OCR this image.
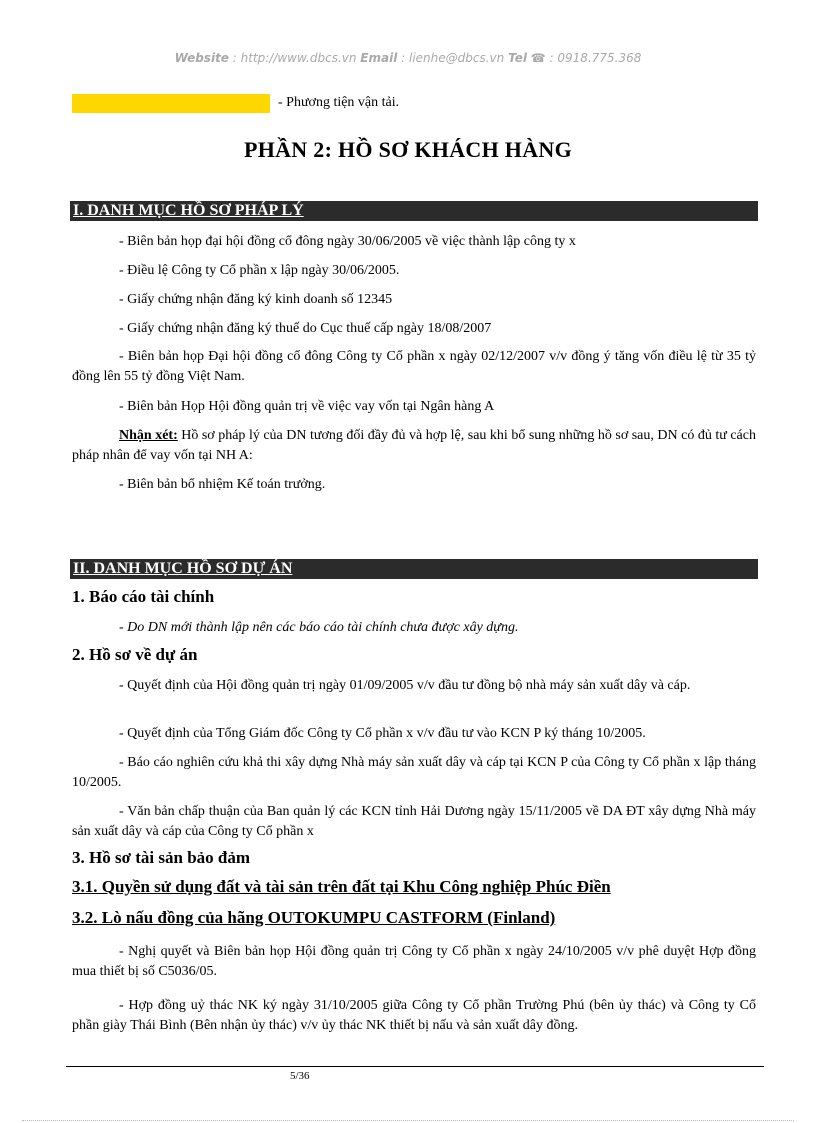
Website : http://www.dbcs.vn Email : lienhe@dbcs.vn Tel ☎ : 0918.775.368
- Phương tiện vận tải.
PHẦN 2: HỒ SƠ KHÁCH HÀNG
I. DANH MỤC HỒ SƠ PHÁP LÝ

- Biên bản họp đại hội đồng cổ đông ngày 30/06/2005 về việc thành lập công ty x

- Điều lệ Công ty Cổ phần x lập ngày 30/06/2005.

- Giấy chứng nhận đăng ký kinh doanh số 12345

- Giấy chứng nhận đăng ký thuế do Cục thuế cấp ngày 18/08/2007

- Biên bản họp Đại hội đồng cổ đông Công ty Cổ phần x ngày 02/12/2007 v/v đồng ý tăng vốn điều lệ từ 35 tỷ đồng lên 55 tỷ đồng Việt Nam.

- Biên bản Họp Hội đồng quản trị về việc vay vốn tại Ngân hàng A

Nhận xét: Hồ sơ pháp lý của DN tương đối đầy đủ và hợp lệ, sau khi bổ sung những hồ sơ sau, DN có đủ tư cách pháp nhân để vay vốn tại NH A:

- Biên bản bổ nhiệm Kế toán trưởng.

II. DANH MỤC HỒ SƠ DỰ ÁN
1. Báo cáo tài chính

- Do DN mới thành lập nên các báo cáo tài chính chưa được xây dựng.

2. Hồ sơ về dự án

- Quyết định của Hội đồng quản trị ngày 01/09/2005 v/v đầu tư đồng bộ nhà máy sản xuất dây và cáp.

- Quyết định của Tổng Giám đốc Công ty Cổ phần x v/v đầu tư vào KCN P ký tháng 10/2005.

- Báo cáo nghiên cứu khả thi xây dựng Nhà máy sản xuất dây và cáp tại KCN P của Công ty Cổ phần x lập tháng 10/2005.

- Văn bản chấp thuận của Ban quản lý các KCN tỉnh Hải Dương ngày 15/11/2005 về DA ĐT xây dựng Nhà máy sản xuất dây và cáp của Công ty Cổ phần x

3. Hồ sơ tài sản bảo đảm
3.1. Quyền sử dụng đất và tài sản trên đất tại Khu Công nghiệp Phúc Điền
3.2. Lò nấu đồng của hãng OUTOKUMPU CASTFORM (Finland)

- Nghị quyết và Biên bản họp Hội đồng quản trị Công ty Cổ phần x ngày 24/10/2005 v/v phê duyệt Hợp đồng mua thiết bị số C5036/05.

- Hợp đồng uỷ thác NK ký ngày 31/10/2005 giữa Công ty Cổ phần Trường Phú (bên ủy thác) và Công ty Cổ phần giày Thái Bình (Bên nhận ủy thác) v/v ủy thác NK thiết bị nấu và sản xuất dây đồng.

5/36
